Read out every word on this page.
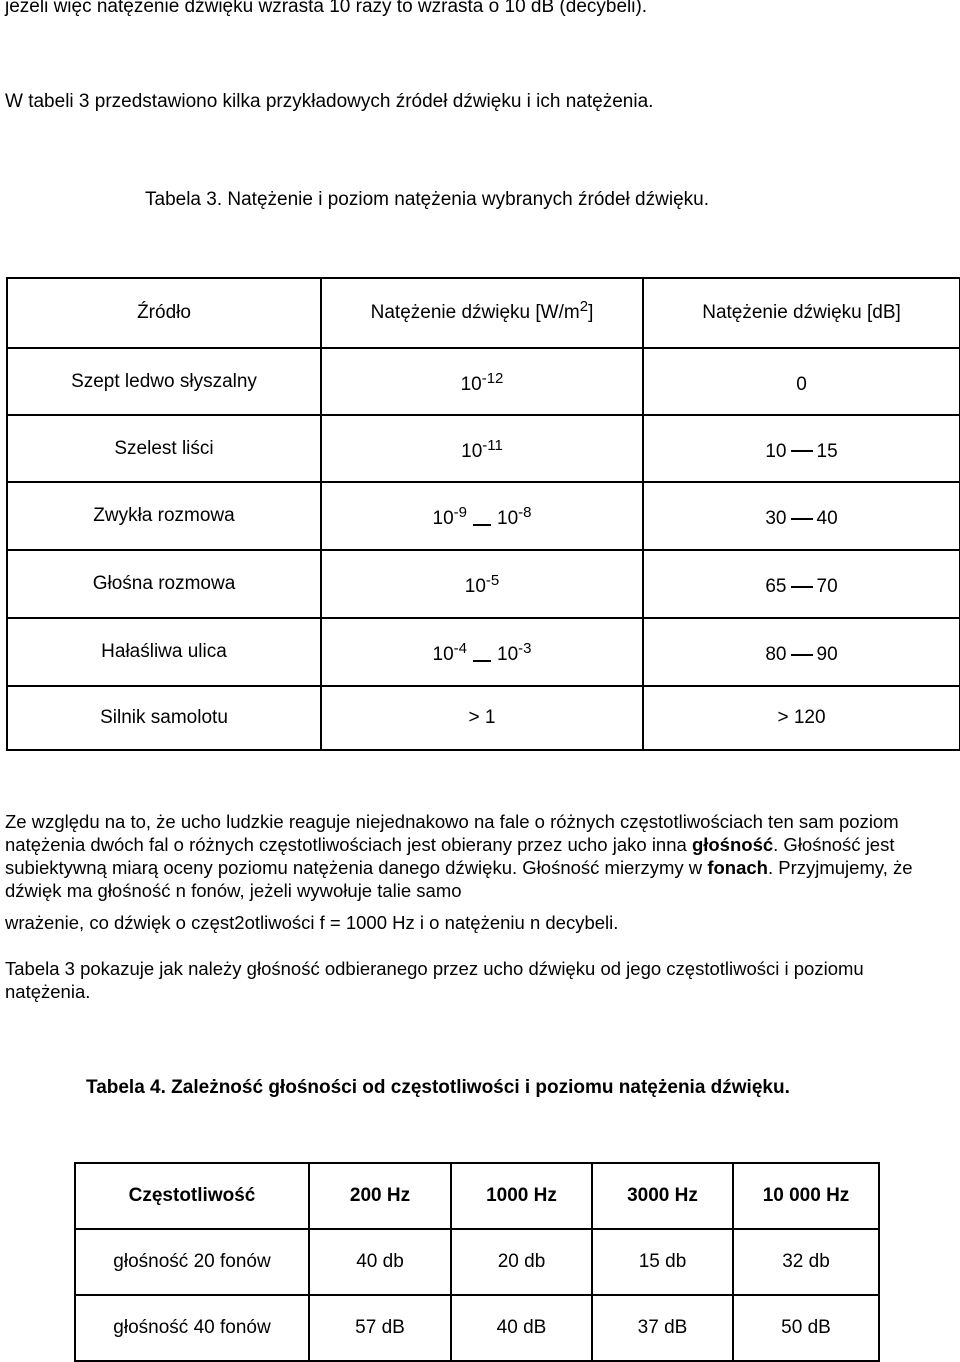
jeżeli więc natężenie dźwięku wzrasta 10 razy to wzrasta o 10 dB (decybeli).
W tabeli 3 przedstawiono kilka przykładowych źródeł dźwięku i ich natężenia.
Tabela 3. Natężenie i poziom natężenia wybranych źródeł dźwięku.
Źródło	Natężenie dźwięku $[W/m^2]$	Natężenie dźwięku [dB]
Szept ledwo słyszalny	$10^{-12}$	0
Szelest liści	$10^{-11}$	10 15
Zwykła rozmowa	$10^{-9}$ $10^{-8}$	30 40
Głośna rozmowa	$10^{-5}$	65 70
Hałaśliwa ulica	$10^{-4}$ $10^{-3}$	80 90
Silnik samolotu	> 1	> 120
Ze względu na to, że ucho ludzkie reaguje niejednakowo na fale o różnych częstotliwościach ten sam poziom natężenia dwóch fal o różnych częstotliwościach jest obierany przez ucho jako inna głośność. Głośność jest subiektywną miarą oceny poziomu natężenia danego dźwięku. Głośność mierzymy w fonach. Przyjmujemy, że dźwięk ma głośność n fonów, jeżeli wywołuje talie samo
wrażenie, co dźwięk o częst2otliwości f = 1000 Hz i o natężeniu n decybeli.
Tabela 3 pokazuje jak należy głośność odbieranego przez ucho dźwięku od jego częstotliwości i poziomu natężenia.
Tabela 4. Zależność głośności od częstotliwości i poziomu natężenia dźwięku.
Częstotliwość	200 Hz	1000 Hz	3000 Hz	10 000 Hz
głośność 20 fonów	40 db	20 db	15 db	32 db
głośność 40 fonów	57 dB	40 dB	37 dB	50 dB
